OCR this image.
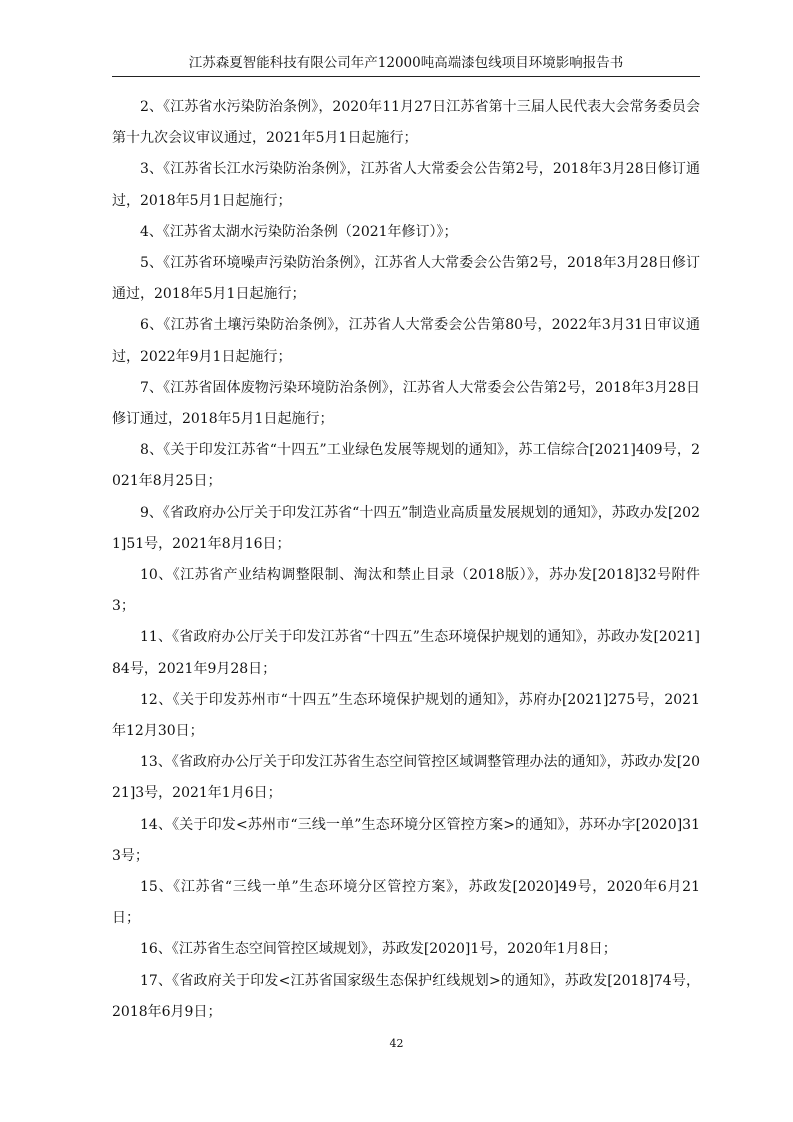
江苏森夏智能科技有限公司年产12000吨高端漆包线项目环境影响报告书

2、《江苏省水污染防治条例》，2020年11月27日江苏省第十三届人民代表大会常务委员会第十九次会议审议通过，2021年5月1日起施行；

3、《江苏省长江水污染防治条例》，江苏省人大常委会公告第2号，2018年3月28日修订通过，2018年5月1日起施行；

4、《江苏省太湖水污染防治条例（2021年修订）》；

5、《江苏省环境噪声污染防治条例》，江苏省人大常委会公告第2号，2018年3月28日修订通过，2018年5月1日起施行；

6、《江苏省土壤污染防治条例》，江苏省人大常委会公告第80号，2022年3月31日审议通过，2022年9月1日起施行；

7、《江苏省固体废物污染环境防治条例》，江苏省人大常委会公告第2号，2018年3月28日修订通过，2018年5月1日起施行；

8、《关于印发江苏省“十四五”工业绿色发展等规划的通知》，苏工信综合[2021]409号，2021年8月25日；

9、《省政府办公厅关于印发江苏省“十四五”制造业高质量发展规划的通知》，苏政办发[2021]51号，2021年8月16日；

10、《江苏省产业结构调整限制、淘汰和禁止目录（2018版）》，苏办发[2018]32号附件3；

11、《省政府办公厅关于印发江苏省“十四五”生态环境保护规划的通知》，苏政办发[2021]84号，2021年9月28日；

12、《关于印发苏州市“十四五”生态环境保护规划的通知》，苏府办[2021]275号，2021年12月30日；

13、《省政府办公厅关于印发江苏省生态空间管控区域调整管理办法的通知》，苏政办发[2021]3号，2021年1月6日；

14、《关于印发<苏州市“三线一单”生态环境分区管控方案>的通知》，苏环办字[2020]313号；

15、《江苏省“三线一单”生态环境分区管控方案》，苏政发[2020]49号，2020年6月21日；

16、《江苏省生态空间管控区域规划》，苏政发[2020]1号，2020年1月8日；

17、《省政府关于印发<江苏省国家级生态保护红线规划>的通知》，苏政发[2018]74号，2018年6月9日；

42
